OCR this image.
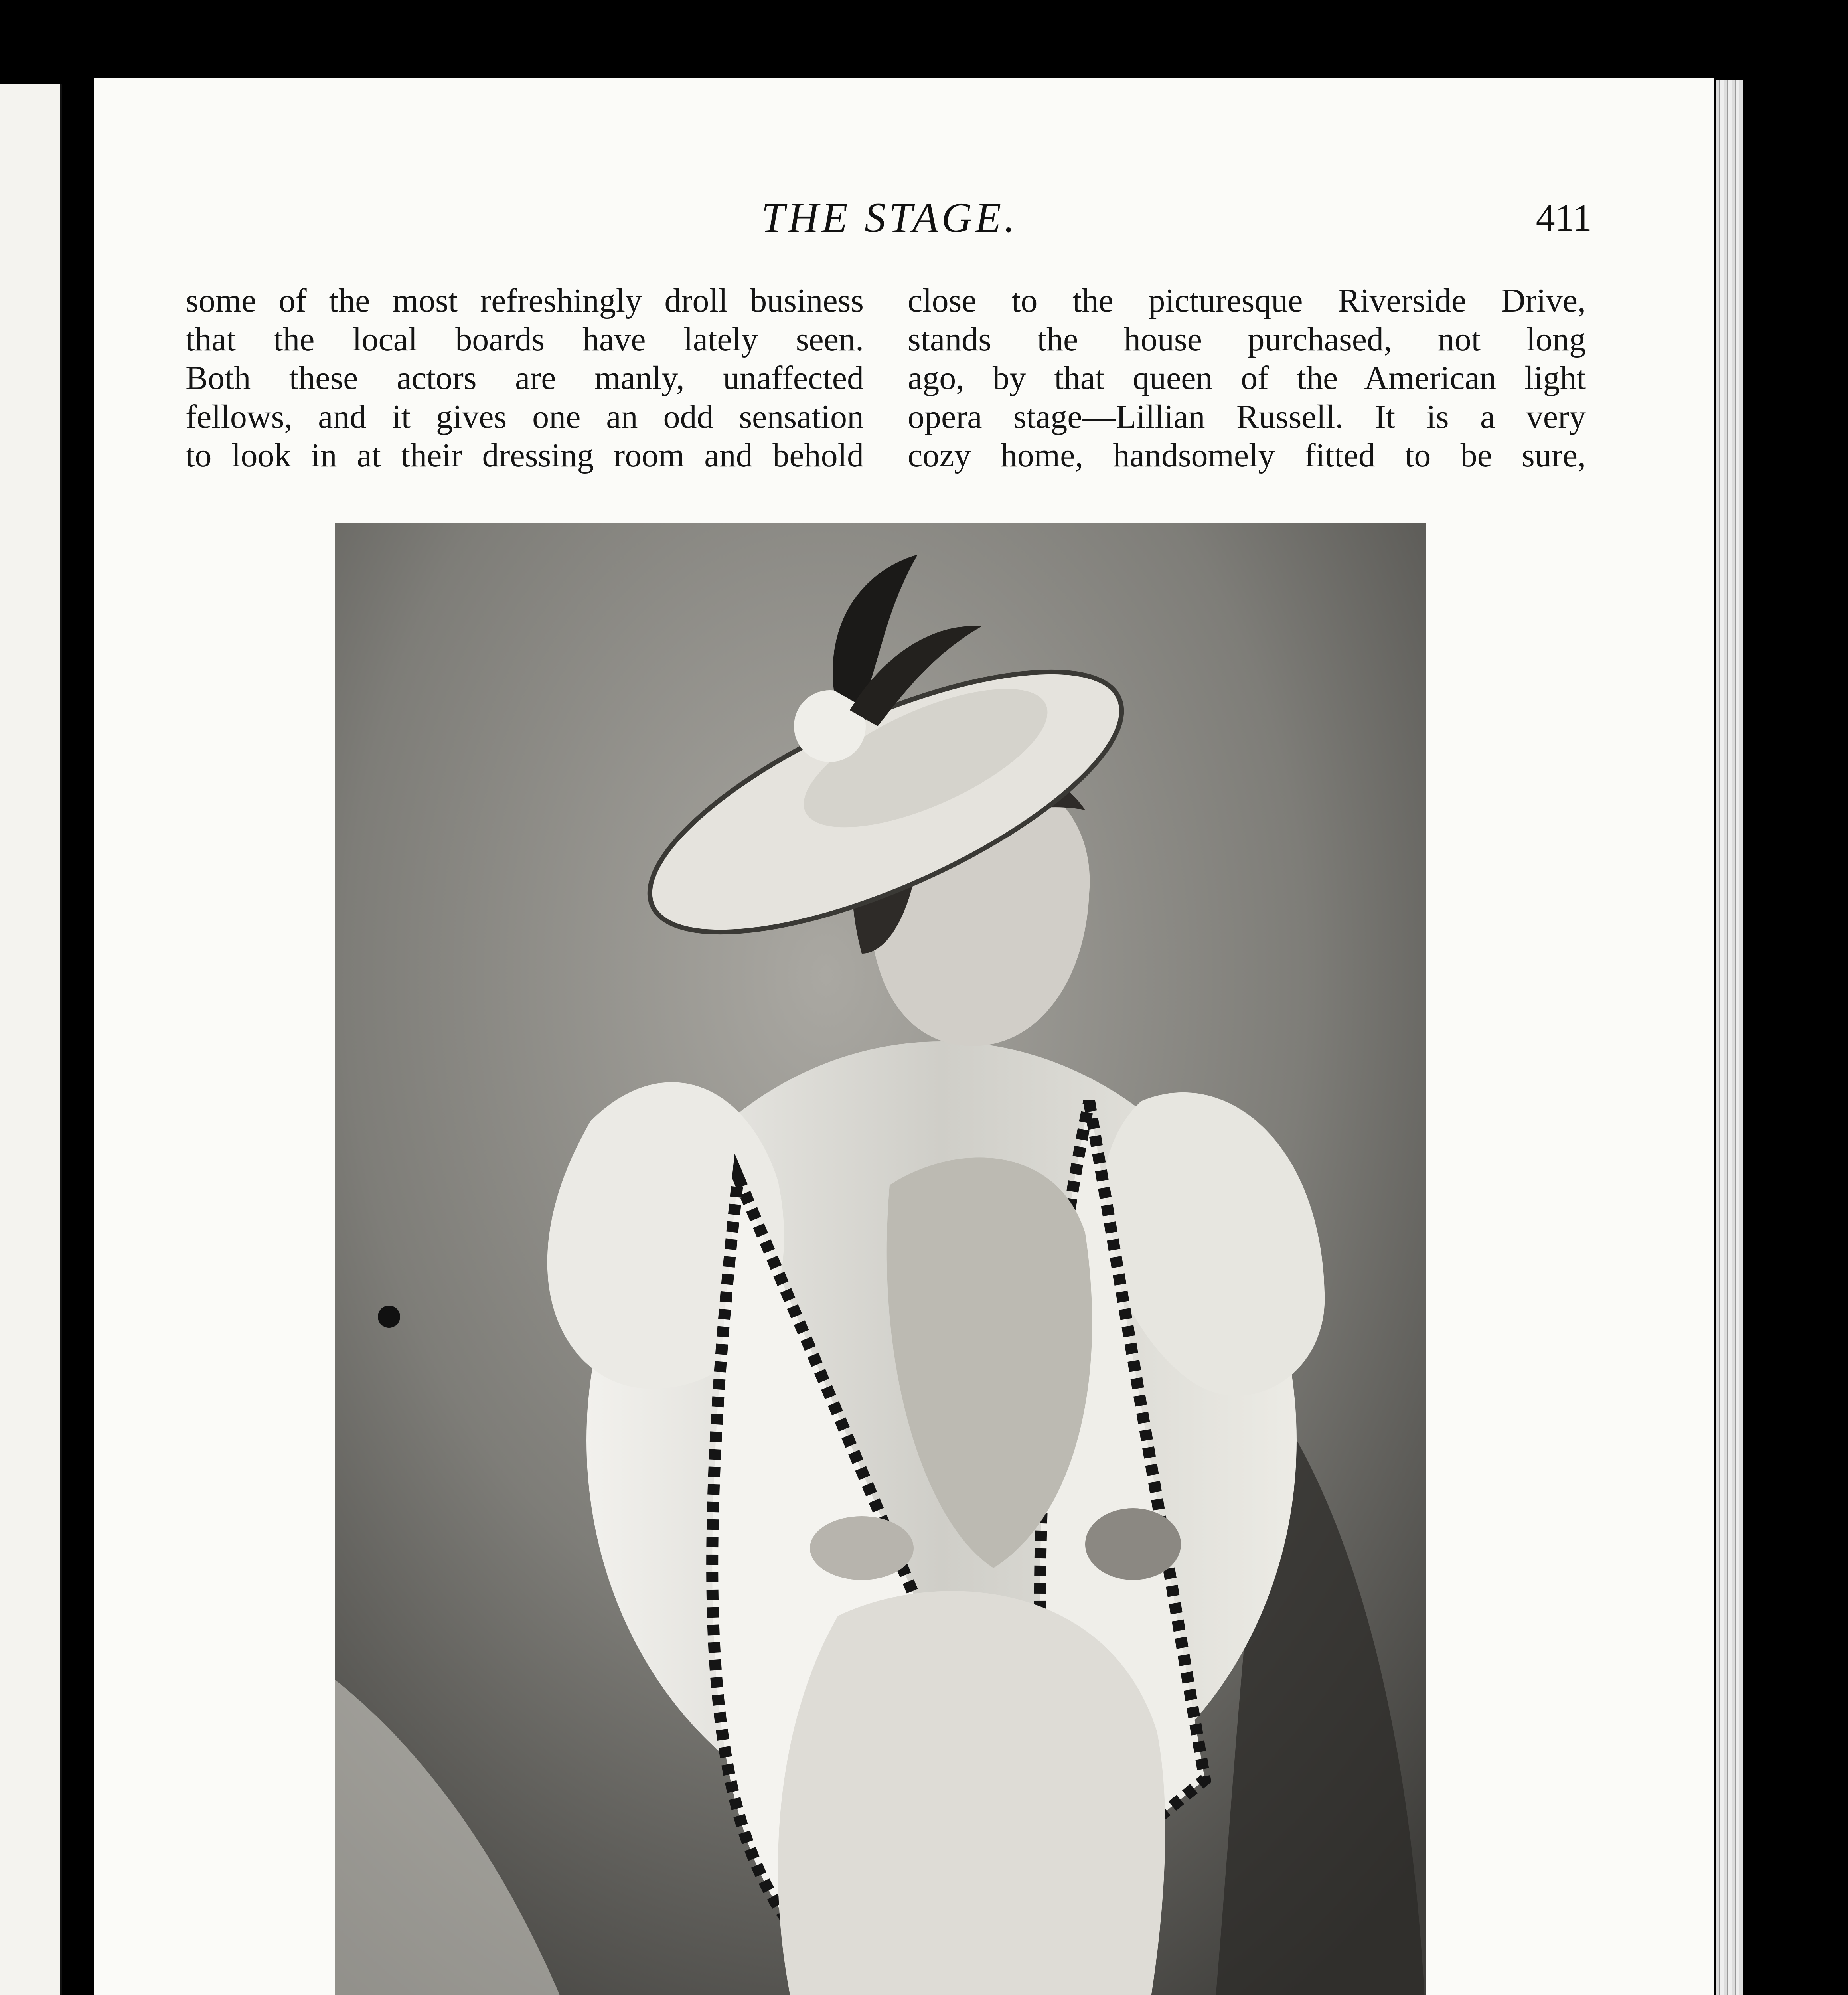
THE STAGE.	411
some of the most refreshingly droll business
that the local boards have lately seen.
Both these actors are manly, unaffected
fellows, and it gives one an odd sensation
to look in at their dressing room and behold
close to the picturesque Riverside Drive,
stands the house purchased, not long
ago, by that queen of the American light
opera stage—Lillian Russell. It is a very
cozy home, handsomely fitted to be sure,
